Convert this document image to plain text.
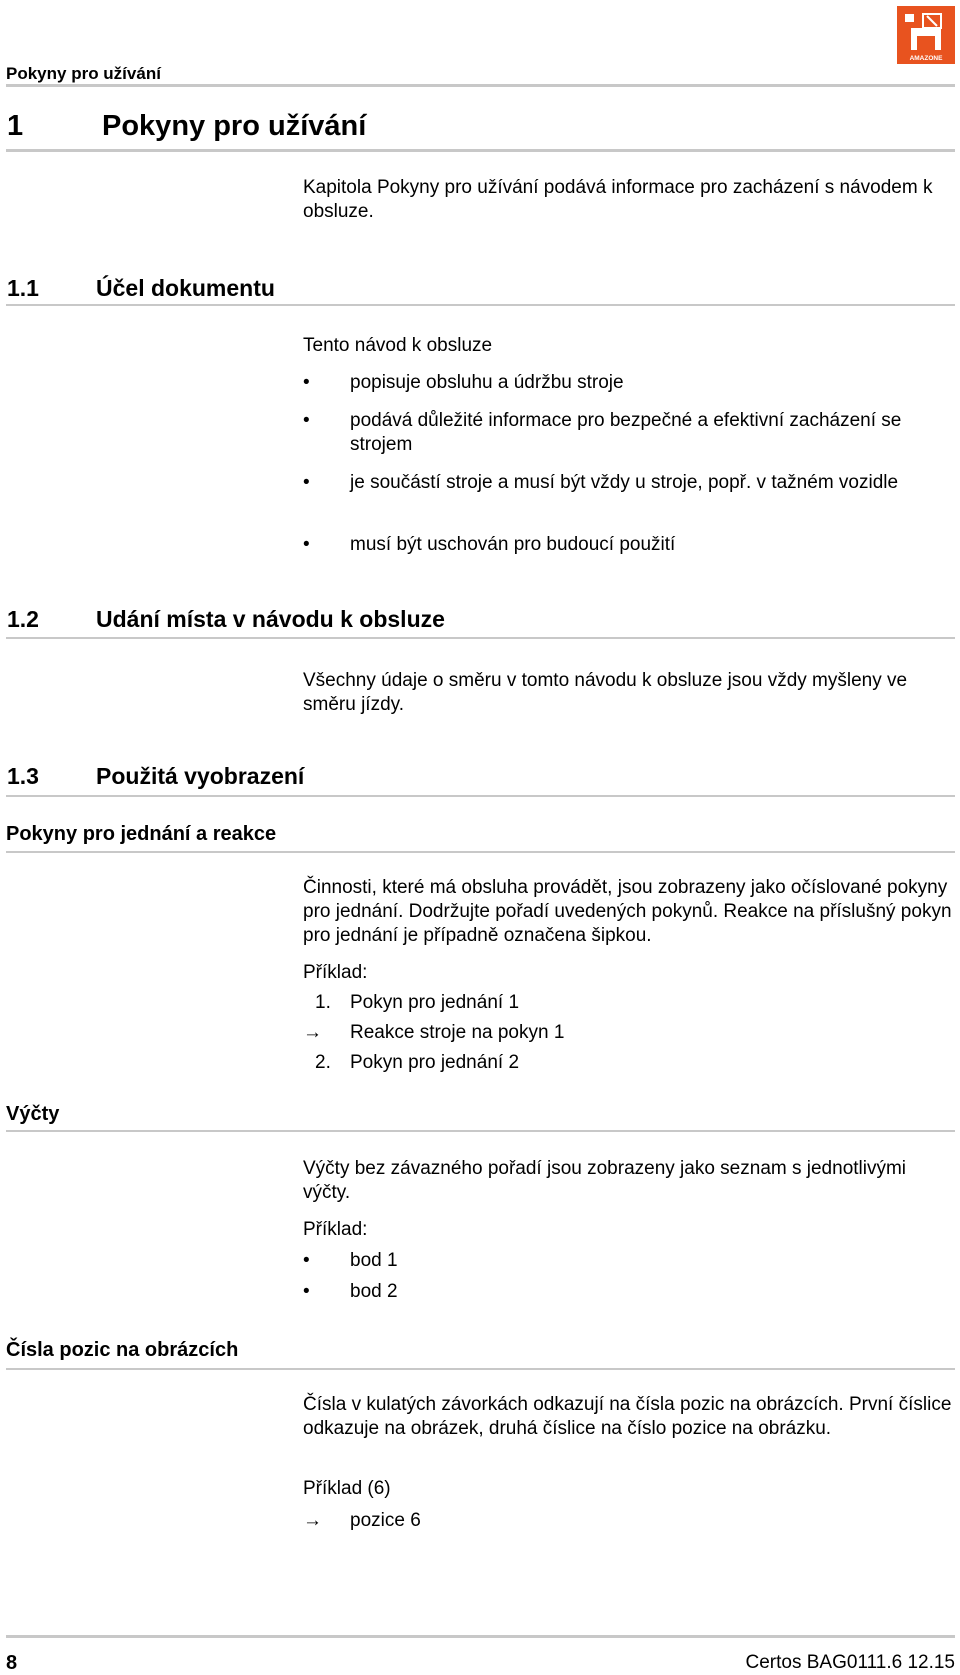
Pokyny pro užívání
AMAZONE
1	Pokyny pro užívání
Kapitola Pokyny pro užívání podává informace pro zacházení s návodem k obsluze.
1.1 Účel dokumentu
Tento návod k obsluze
• popisuje obsluhu a údržbu stroje
• podává důležité informace pro bezpečné a efektivní zacházení se strojem
• je součástí stroje a musí být vždy u stroje, popř. v tažném vozidle
• musí být uschován pro budoucí použití
1.2 Udání místa v návodu k obsluze
Všechny údaje o směru v tomto návodu k obsluze jsou vždy myšleny ve směru jízdy.
1.3 Použitá vyobrazení
Pokyny pro jednání a reakce
Činnosti, které má obsluha provádět, jsou zobrazeny jako očíslované pokyny pro jednání. Dodržujte pořadí uvedených pokynů. Reakce na příslušný pokyn pro jednání je případně označena šipkou.
Příklad:
1. Pokyn pro jednání 1
→ Reakce stroje na pokyn 1
2. Pokyn pro jednání 2
Výčty
Výčty bez závazného pořadí jsou zobrazeny jako seznam s jednotlivými výčty.
Příklad:
• bod 1
• bod 2
Čísla pozic na obrázcích
Čísla v kulatých závorkách odkazují na čísla pozic na obrázcích. První číslice odkazuje na obrázek, druhá číslice na číslo pozice na obrázku.
Příklad (6)
→ pozice 6
8	Certos BAG0111.6 12.15
